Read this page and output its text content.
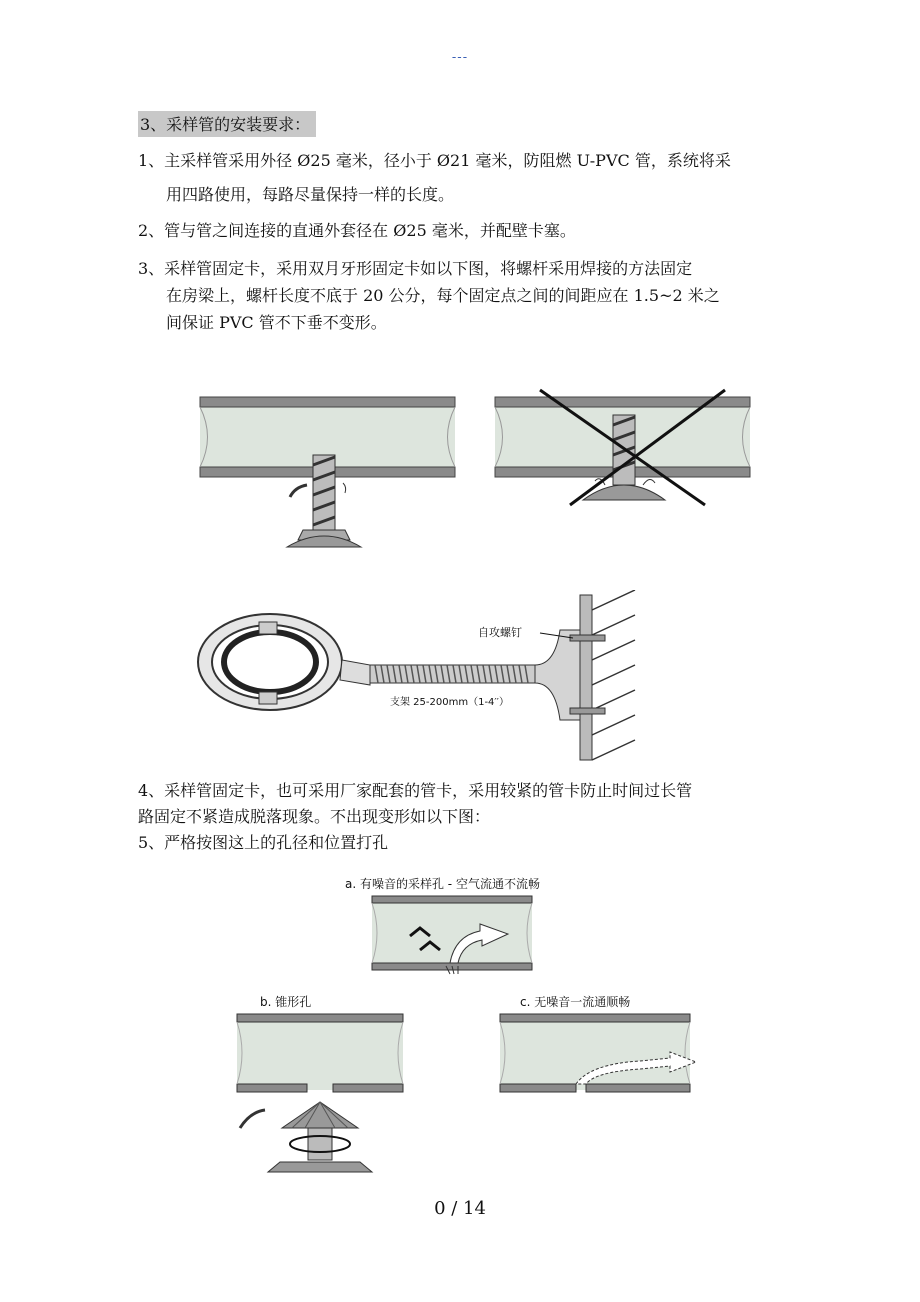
---
3、采样管的安装要求：
1、主采样管采用外径 Ø25 毫米，径小于 Ø21 毫米，防阻燃 U-PVC 管，系统将采
用四路使用，每路尽量保持一样的长度。
2、管与管之间连接的直通外套径在 Ø25 毫米，并配壁卡塞。
3、采样管固定卡，采用双月牙形固定卡如以下图，将螺杆采用焊接的方法固定
在房梁上，螺杆长度不底于 20 公分，每个固定点之间的间距应在 1.5~2 米之
间保证 PVC 管不下垂不变形。
自攻螺钉
支架 25-200mm（1-4′′）
4、采样管固定卡，也可采用厂家配套的管卡，采用较紧的管卡防止时间过长管
路固定不紧造成脱落现象。不出现变形如以下图：
5、严格按图这上的孔径和位置打孔
a. 有噪音的采样孔 - 空气流通不流畅
b. 锥形孔	c. 无噪音一流通顺畅
0 / 14
